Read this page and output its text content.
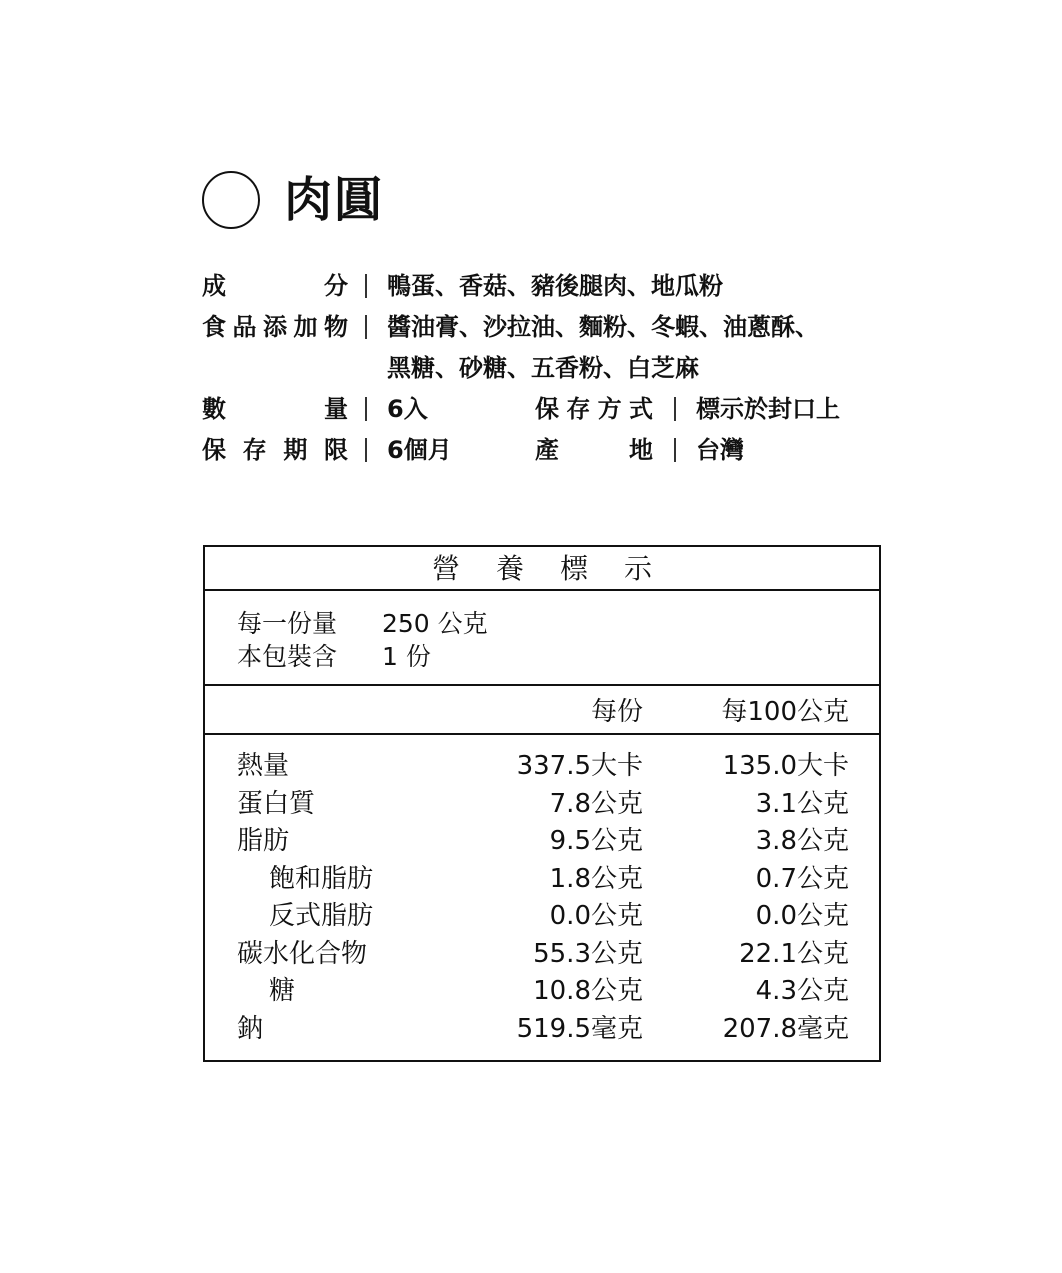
肉圓
成分 鴨蛋、香菇、豬後腿肉、地瓜粉
食品添加物 醬油膏、沙拉油、麵粉、冬蝦、油蔥酥、
黑糖、砂糖、五香粉、白芝麻
數量 6入	保存方式 標示於封口上
保存期限 6個月	產地 台灣
營養標示
每一份量	250 公克
本包裝含	1 份
每份	每100公克
熱量	337.5大卡	135.0大卡
蛋白質	7.8公克	3.1公克
脂肪	9.5公克	3.8公克
飽和脂肪	1.8公克	0.7公克
反式脂肪	0.0公克	0.0公克
碳水化合物	55.3公克	22.1公克
糖	10.8公克	4.3公克
鈉	519.5毫克	207.8毫克
